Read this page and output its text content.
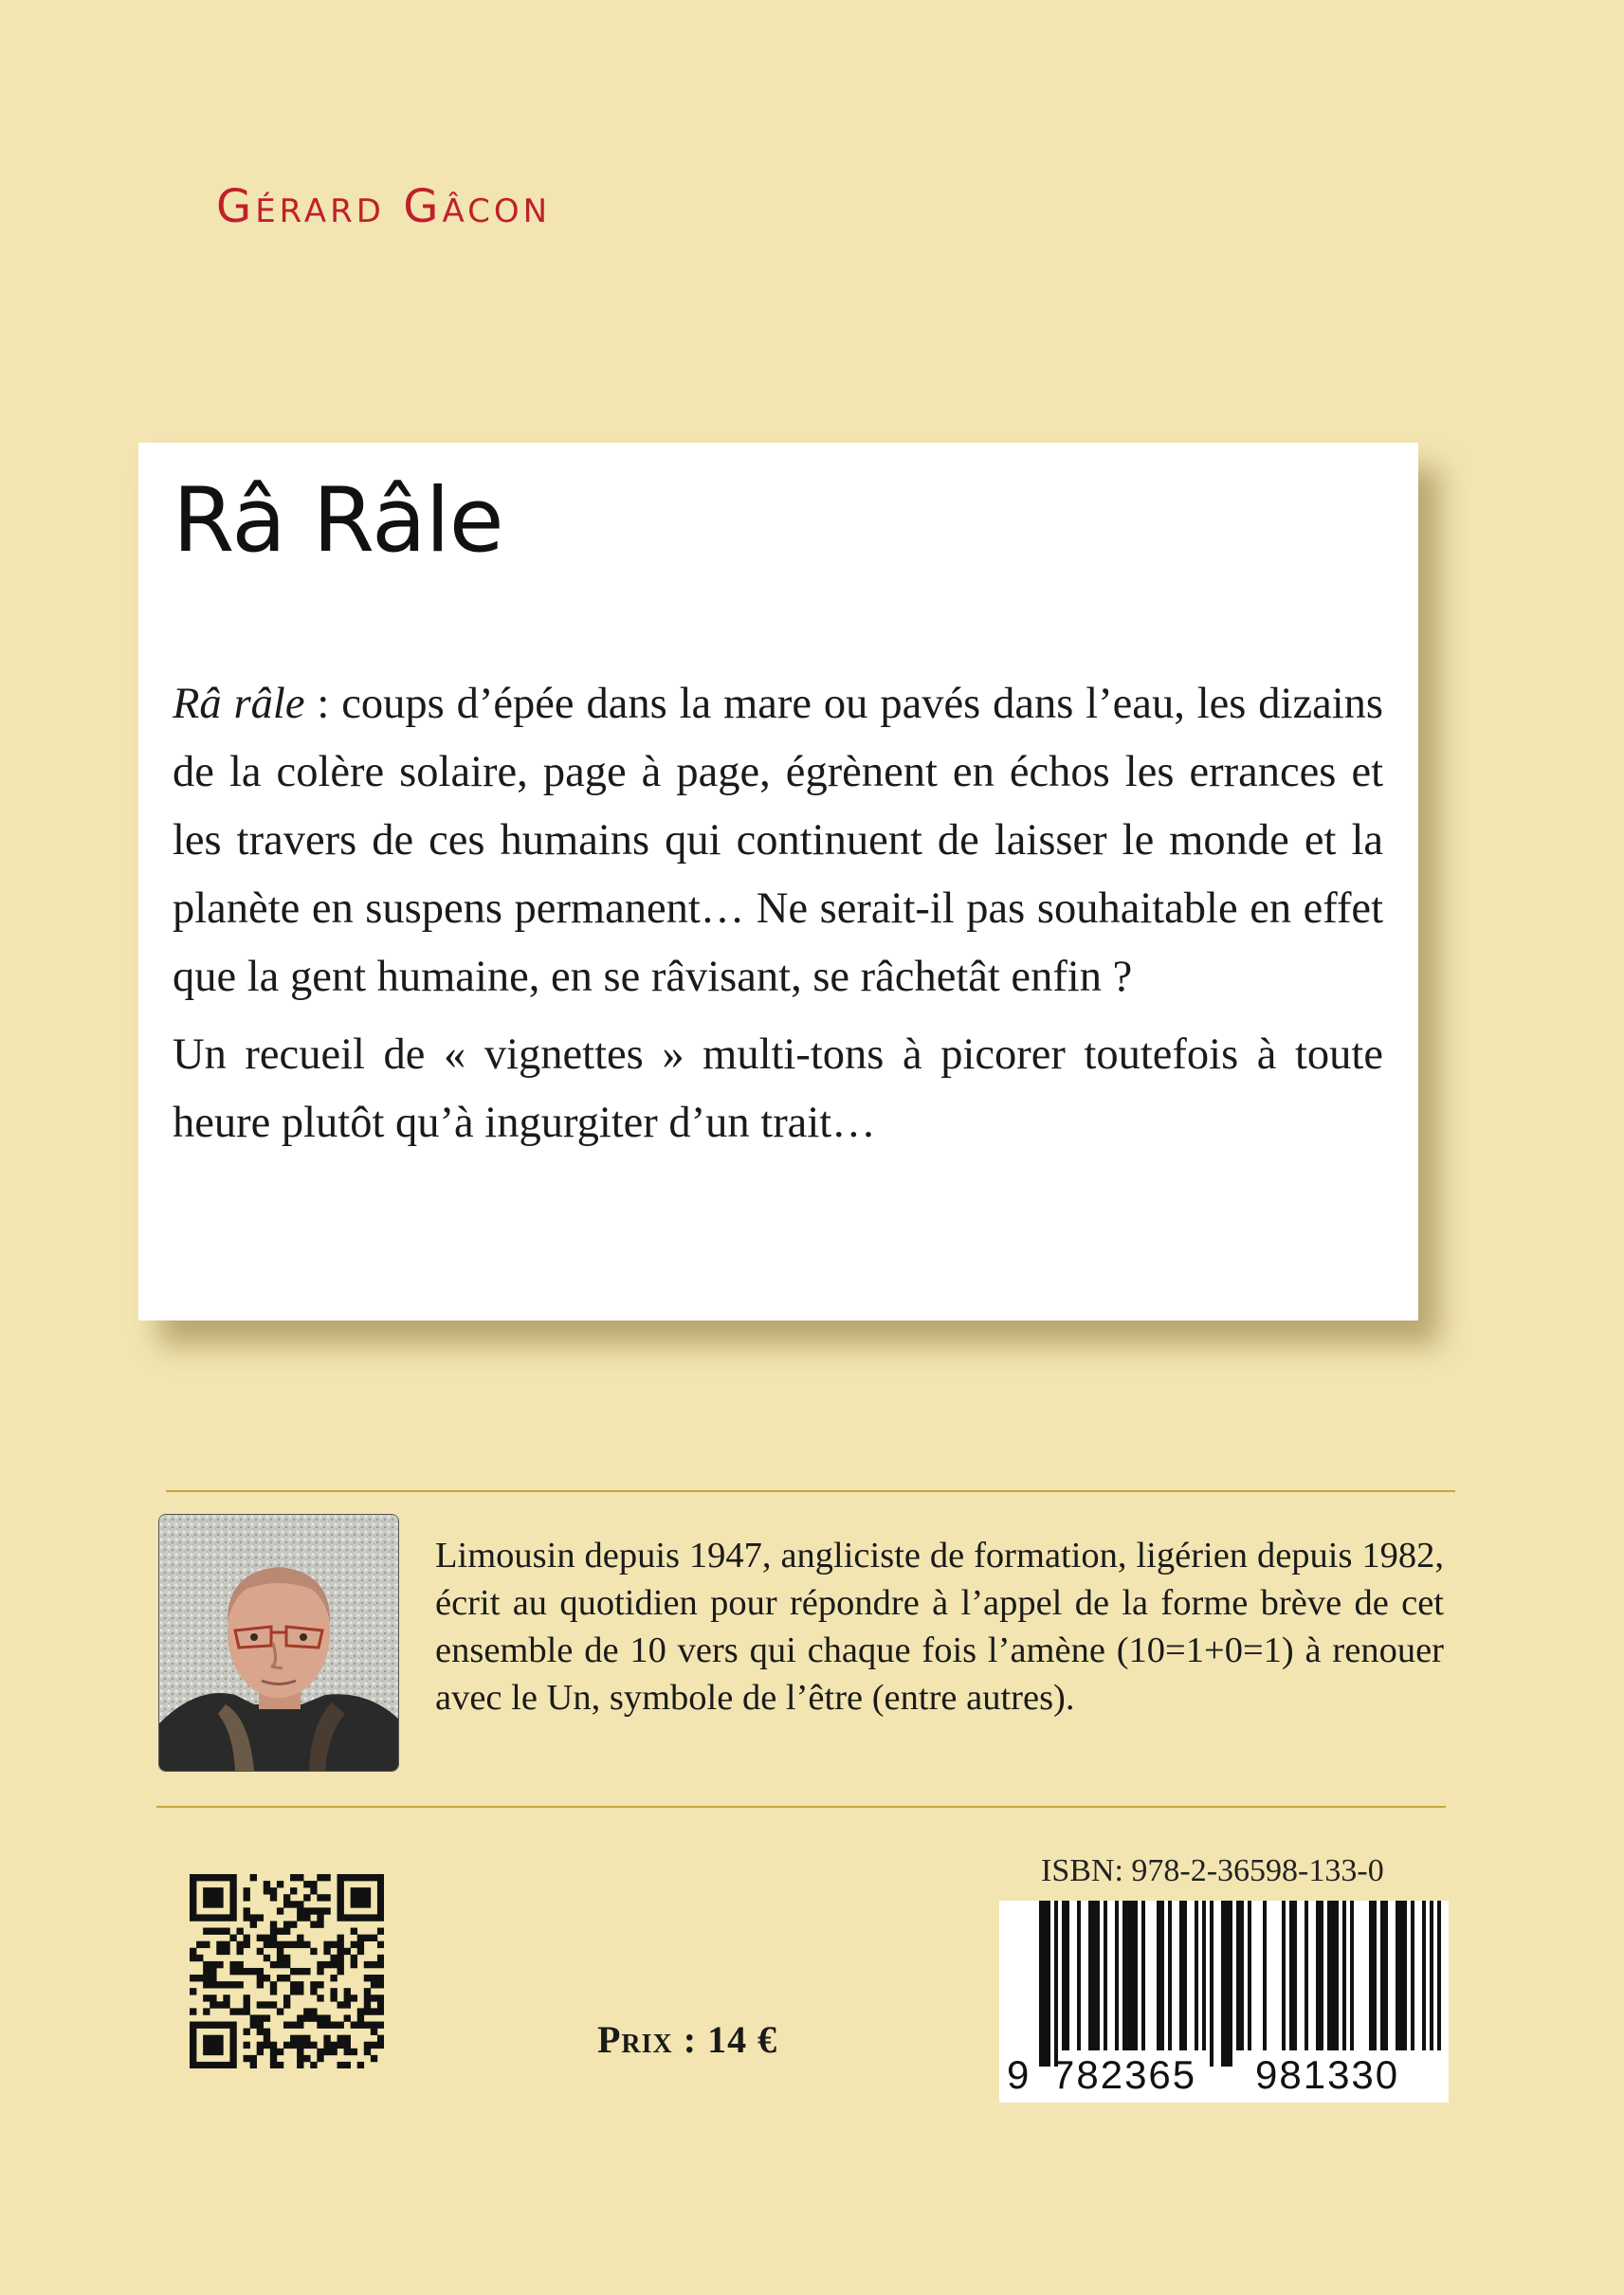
Gérard Gâcon
Râ Râle

Râ râle : coups d’épée dans la mare ou pavés dans l’eau, les dizains de la colère solaire, page à page, égrènent en échos les errances et les travers de ces humains qui continuent de laisser le monde et la planète en suspens permanent… Ne serait-il pas souhaitable en effet que la gent humaine, en se râvisant, se râchetât enfin ?

Un recueil de « vignettes » multi-tons à picorer toutefois à toute heure plutôt qu’à ingurgiter d’un trait…

Limousin depuis 1947, angliciste de formation, ligérien depuis 1982, écrit au quotidien pour répondre à l’appel de la forme brève de cet ensemble de 10 vers qui chaque fois l’amène (10=1+0=1) à renouer avec le Un, symbole de l’être (entre autres).

Prix : 14 €
ISBN: 978-2-36598-133-0
9 782365 981330
